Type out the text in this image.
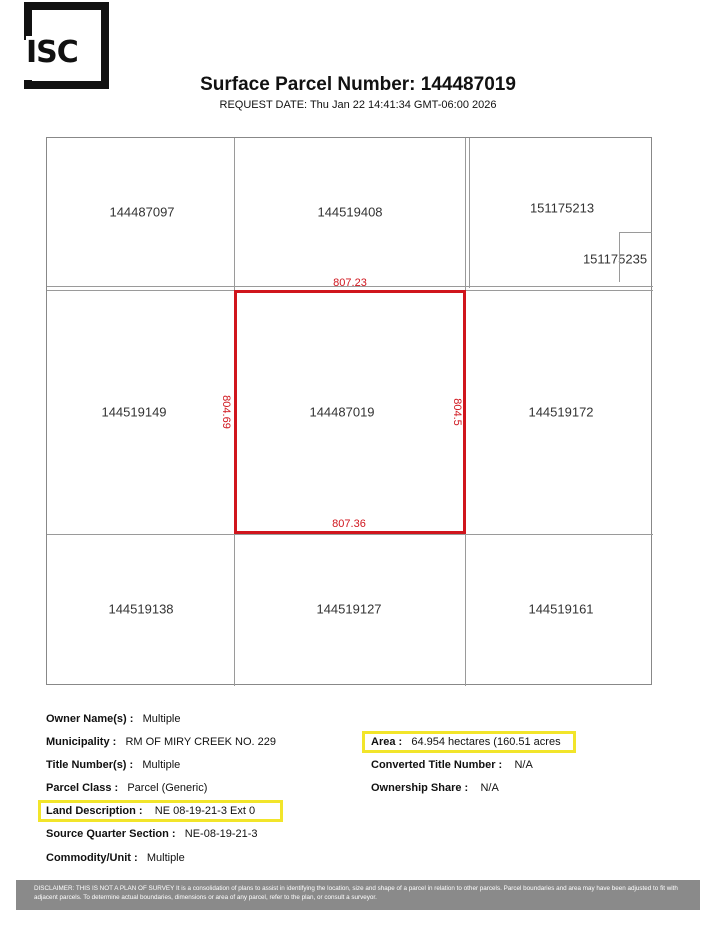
ISC
Surface Parcel Number: 144487019
REQUEST DATE: Thu Jan 22 14:41:34 GMT-06:00 2026
144487097	144519408	151175213
151175235
144519149	144487019	144519172
144519138	144519127	144519161
807.23
807.36
804.69	804.5
Owner Name(s) : Multiple
Municipality : RM OF MIRY CREEK NO. 229
Title Number(s) : Multiple
Parcel Class : Parcel (Generic)
Land Description : NE 08-19-21-3 Ext 0
Source Quarter Section : NE-08-19-21-3
Commodity/Unit : Multiple
Area : 64.954 hectares (160.51 acres
Converted Title Number : N/A
Ownership Share : N/A
DISCLAIMER: THIS IS NOT A PLAN OF SURVEY It is a consolidation of plans to assist in identifying the location, size and shape of a parcel in relation to other parcels. Parcel boundaries and area may have been adjusted to fit with adjacent parcels. To determine actual boundaries, dimensions or area of any parcel, refer to the plan, or consult a surveyor.
